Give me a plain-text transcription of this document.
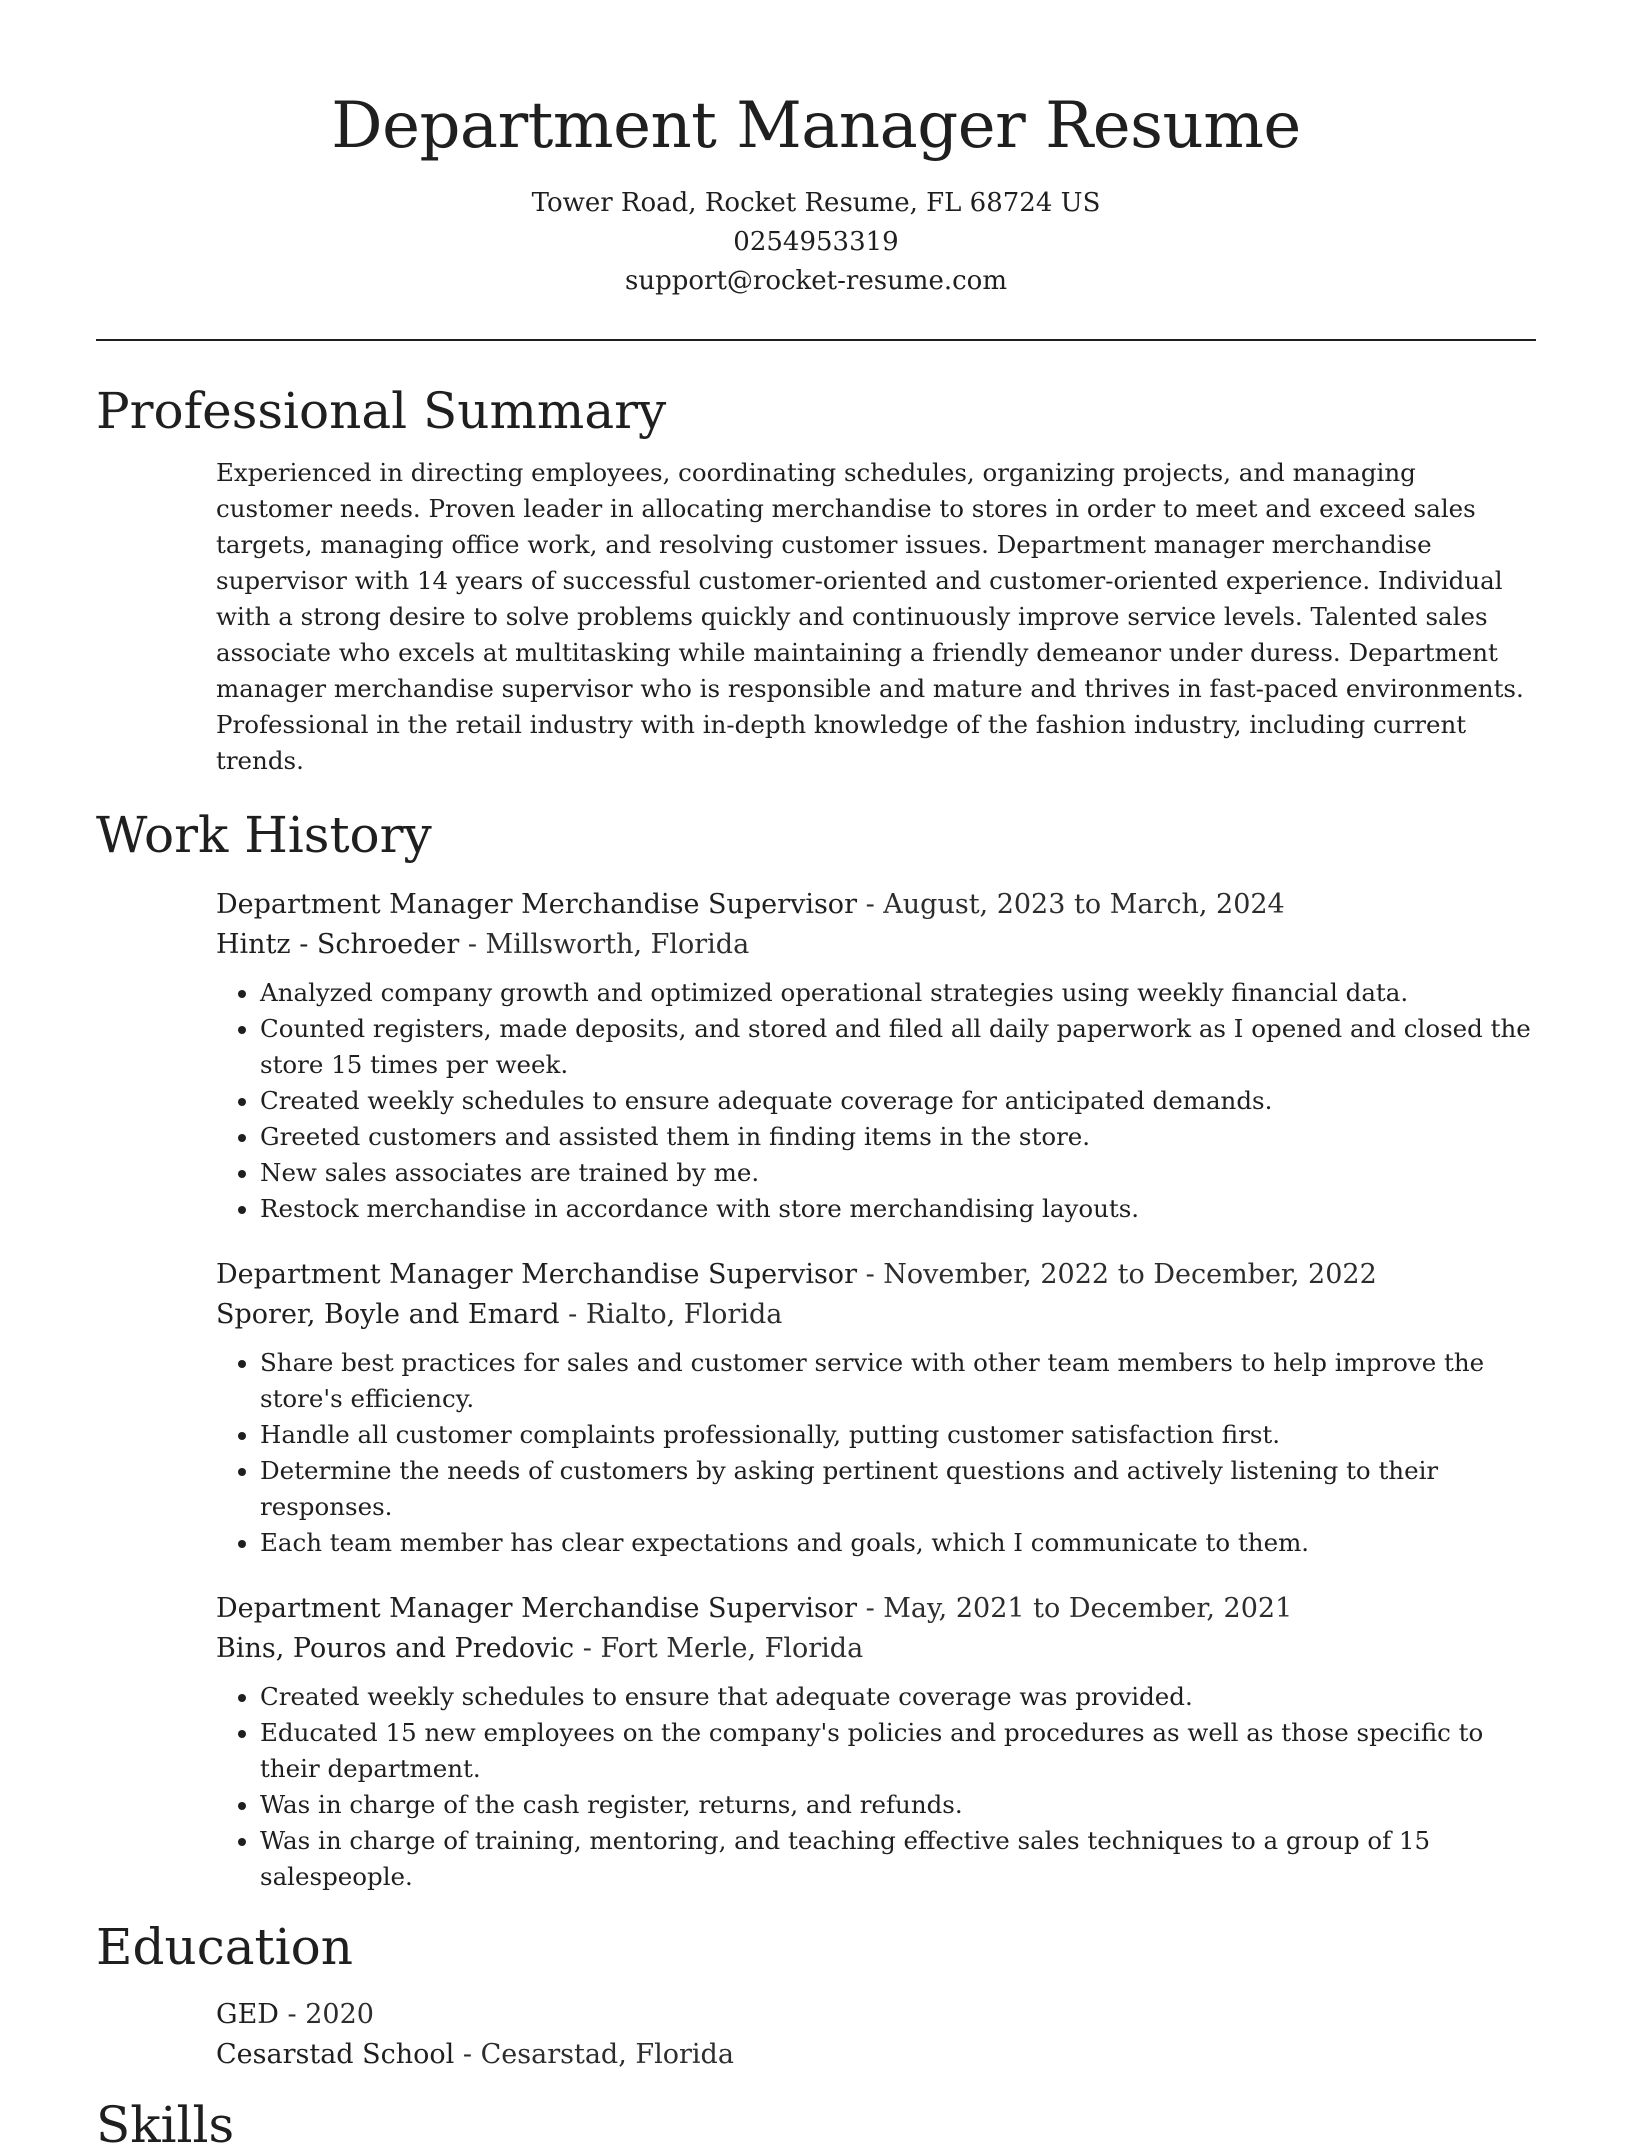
Department Manager Resume
Tower Road, Rocket Resume, FL 68724 US
0254953319
support@rocket-resume.com
Professional Summary

Experienced in directing employees, coordinating schedules, organizing projects, and managing customer needs. Proven leader in allocating merchandise to stores in order to meet and exceed sales targets, managing office work, and resolving customer issues. Department manager merchandise supervisor with 14 years of successful customer-oriented and customer-oriented experience. Individual with a strong desire to solve problems quickly and continuously improve service levels. Talented sales associate who excels at multitasking while maintaining a friendly demeanor under duress. Department manager merchandise supervisor who is responsible and mature and thrives in fast-paced environments. Professional in the retail industry with in-depth knowledge of the fashion industry, including current trends.

Work History
Department Manager Merchandise Supervisor - August, 2023 to March, 2024
Hintz - Schroeder - Millsworth, Florida
• Analyzed company growth and optimized operational strategies using weekly financial data.
• Counted registers, made deposits, and stored and filed all daily paperwork as I opened and closed the store 15 times per week.
• Created weekly schedules to ensure adequate coverage for anticipated demands.
• Greeted customers and assisted them in finding items in the store.
• New sales associates are trained by me.
• Restock merchandise in accordance with store merchandising layouts.
Department Manager Merchandise Supervisor - November, 2022 to December, 2022
Sporer, Boyle and Emard - Rialto, Florida
• Share best practices for sales and customer service with other team members to help improve the store's efficiency.
• Handle all customer complaints professionally, putting customer satisfaction first.
• Determine the needs of customers by asking pertinent questions and actively listening to their responses.
• Each team member has clear expectations and goals, which I communicate to them.
Department Manager Merchandise Supervisor - May, 2021 to December, 2021
Bins, Pouros and Predovic - Fort Merle, Florida
• Created weekly schedules to ensure that adequate coverage was provided.
• Educated 15 new employees on the company's policies and procedures as well as those specific to their department.
• Was in charge of the cash register, returns, and refunds.
• Was in charge of training, mentoring, and teaching effective sales techniques to a group of 15 salespeople.
Education
GED - 2020
Cesarstad School - Cesarstad, Florida
Skills
